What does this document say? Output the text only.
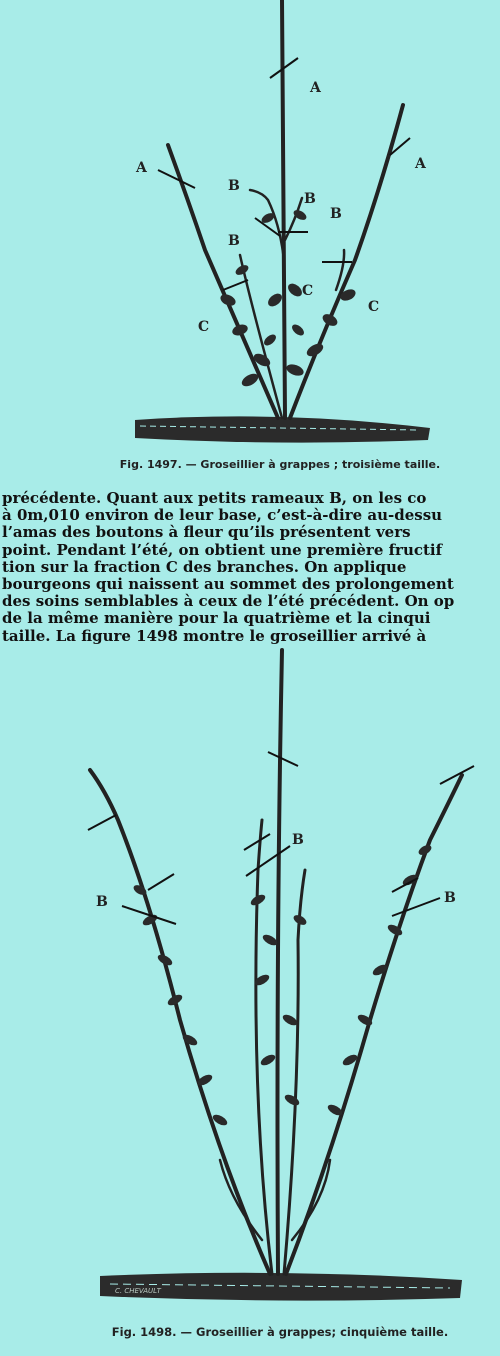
A
A	A
B
B
B
B
C
C
C
Fig. 1497. — Groseillier à grappes ; troisième taille.
précédente. Quant aux petits rameaux B, on les co
à 0m,010 environ de leur base, c’est-à-dire au-dessu
l’amas des boutons à fleur qu’ils présentent vers
point. Pendant l’été, on obtient une première fructif
tion sur la fraction C des branches. On applique
bourgeons qui naissent au sommet des prolongement
des soins semblables à ceux de l’été précédent. On op
de la même manière pour la quatrième et la cinqui
taille. La figure 1498 montre le groseillier arrivé à
C. CHEVAULT
B
B	B
Fig. 1498. — Groseillier à grappes; cinquième taille.
